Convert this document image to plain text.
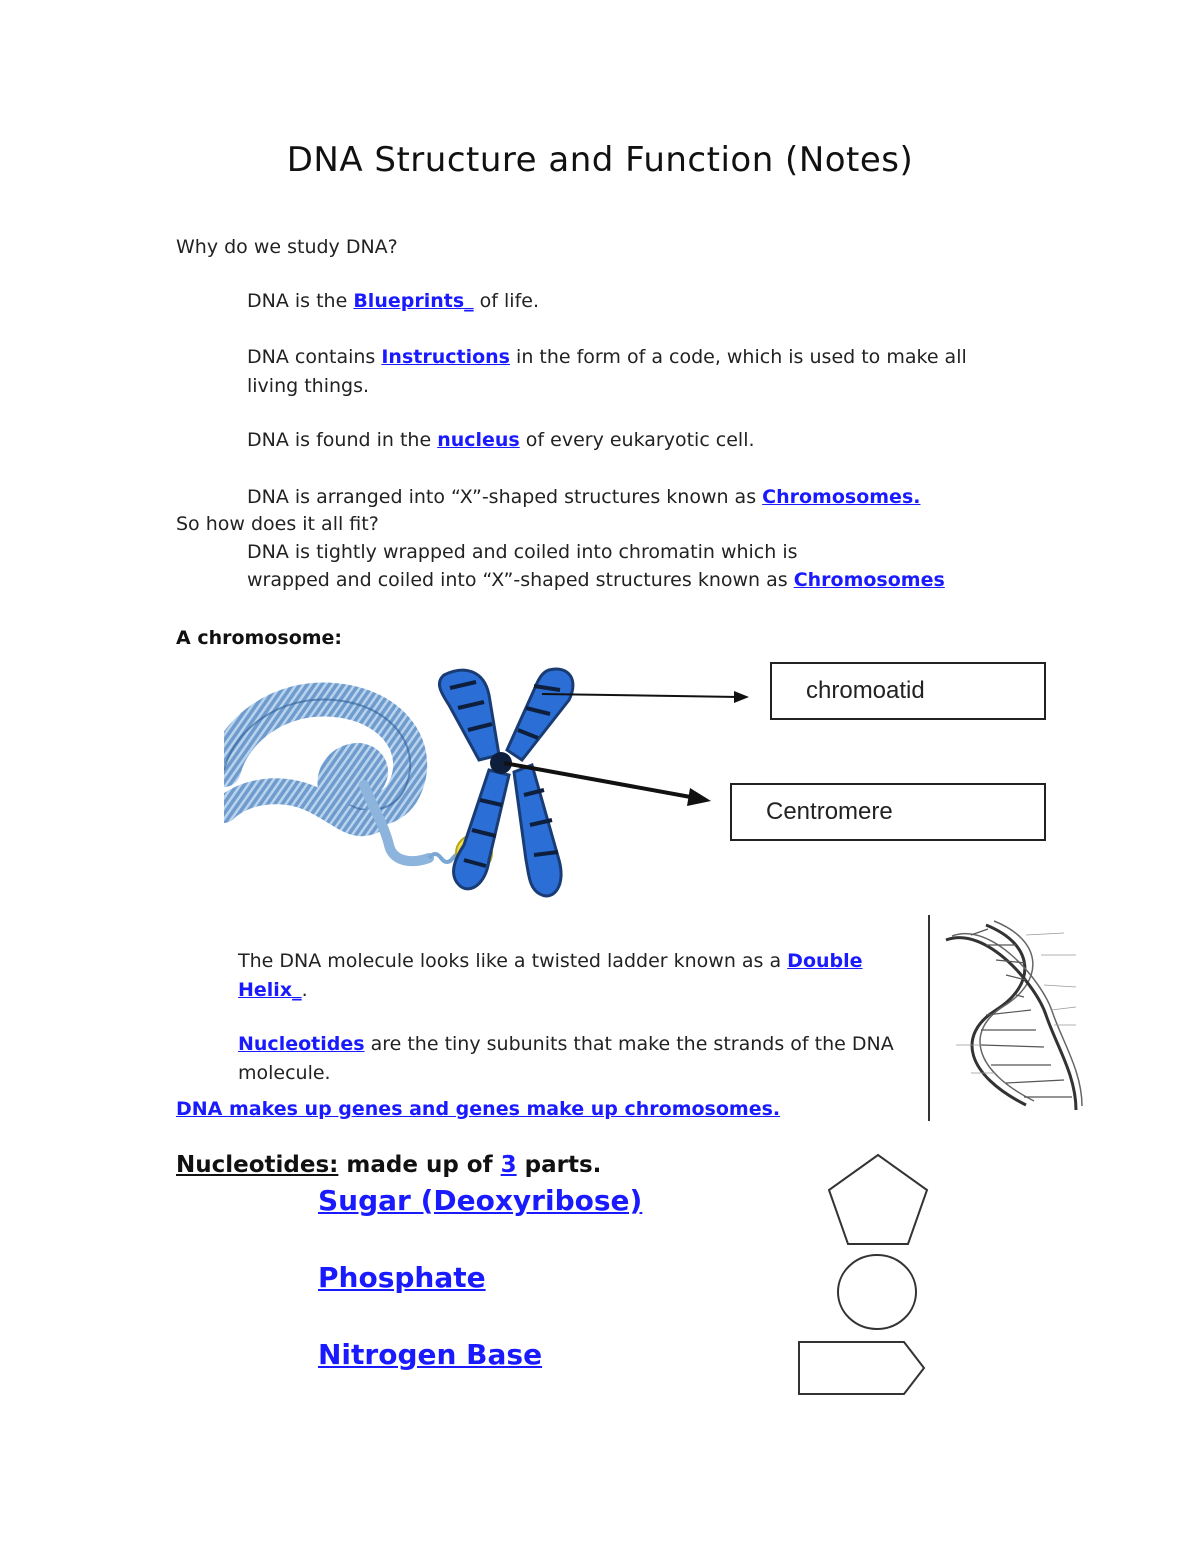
DNA Structure and Function (Notes)
Why do we study DNA?
DNA is the Blueprints_ of life.
DNA contains Instructions in the form of a code, which is used to make all
living things.
DNA is found in the nucleus of every eukaryotic cell.
DNA is arranged into “X”-shaped structures known as Chromosomes.
So how does it all fit?
DNA is tightly wrapped and coiled into chromatin which is
wrapped and coiled into “X”-shaped structures known as Chromosomes
A chromosome:
chromoatid
Centromere
The DNA molecule looks like a twisted ladder known as a Double
Helix_.
Nucleotides are the tiny subunits that make the strands of the DNA
molecule.
DNA makes up genes and genes make up chromosomes.
Nucleotides: made up of 3 parts.
Sugar (Deoxyribose)
Phosphate
Nitrogen Base
